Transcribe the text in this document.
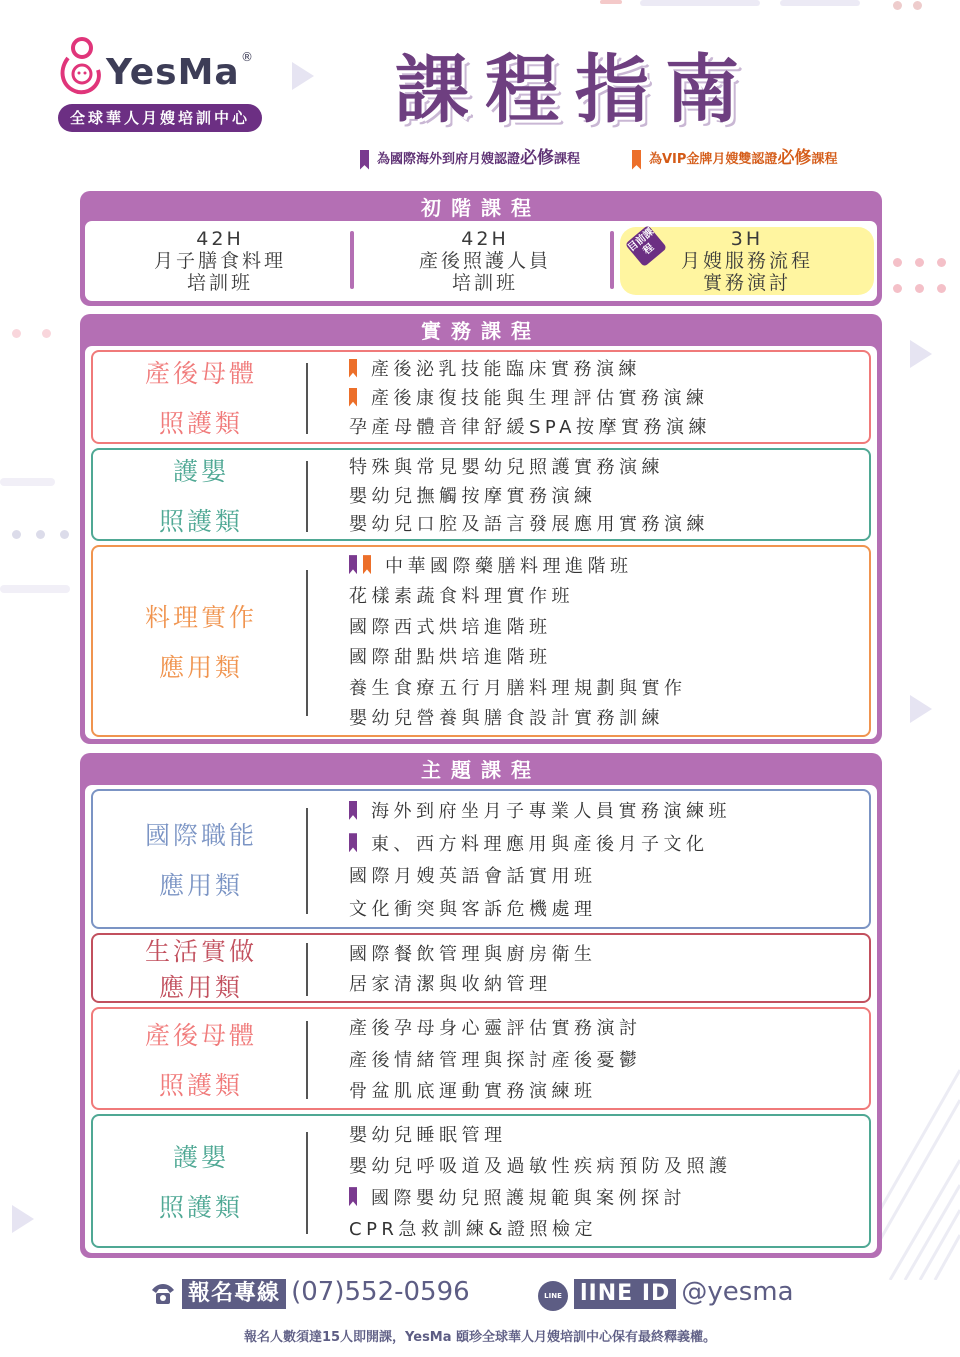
YesMa ®
全球華人月嫂培訓中心 課程指南
為國際海外到府月嫂認證必修課程	為VIP金牌月嫂雙認證必修課程
初階課程
42H
月子膳食料理
培訓班
42H
產後照護人員
培訓班
目前課程	3H
月嫂服務流程
實務演討
實務課程
產後母體
照護類
產後泌乳技能臨床實務演練
產後康復技能與生理評估實務演練
孕產母體音律舒緩SPA按摩實務演練
護嬰
照護類
特殊與常見嬰幼兒照護實務演練
嬰幼兒撫觸按摩實務演練
嬰幼兒口腔及語言發展應用實務演練
料理實作
應用類
中華國際藥膳料理進階班
花樣素蔬食料理實作班
國際西式烘培進階班
國際甜點烘培進階班
養生食療五行月膳料理規劃與實作
嬰幼兒營養與膳食設計實務訓練
主題課程
國際職能
應用類
海外到府坐月子專業人員實務演練班
東、西方料理應用與產後月子文化
國際月嫂英語會話實用班
文化衝突與客訴危機處理
生活實做
應用類
國際餐飲管理與廚房衛生
居家清潔與收納管理
產後母體
照護類
產後孕母身心靈評估實務演討
產後情緒管理與探討產後憂鬱
骨盆肌底運動實務演練班
護嬰
照護類
嬰幼兒睡眠管理
嬰幼兒呼吸道及過敏性疾病預防及照護
國際嬰幼兒照護規範與案例探討
CPR急救訓練&證照檢定
報名專線 (07)552-0596	LINE lINE ID @yesma
報名人數須達15人即開課，YesMa 頤珍全球華人月嫂培訓中心保有最終釋義權。
